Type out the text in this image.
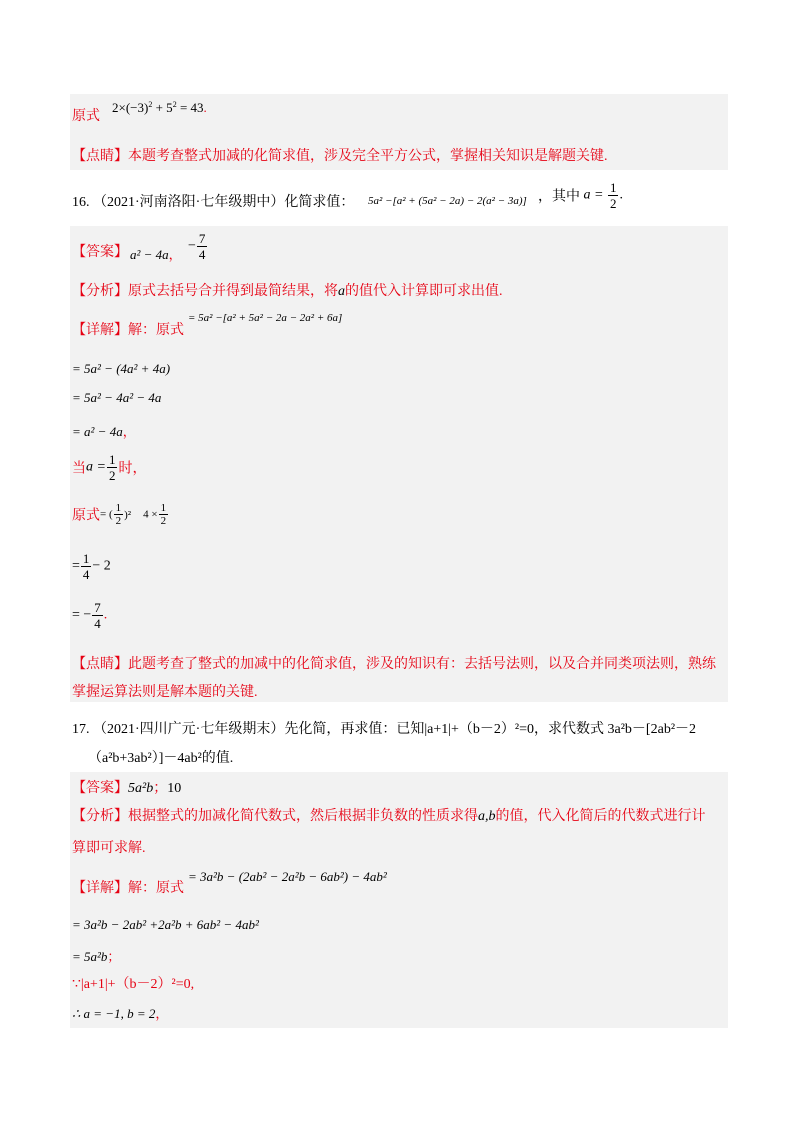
原式
$2\times(-3)^2 + 5^2 = 43$.
【点睛】本题考查整式加减的化简求值，涉及完全平方公式，掌握相关知识是解题关键.
16. （2021·河南洛阳·七年级期中）化简求值： 5a² −[a² + (5a² − 2a) − 2(a² − 3a)] ，其中 $a = \frac{1}{2}$ .
【答案】 a² − 4a，
− $\frac{7}{4}$
【分析】原式去括号合并得到最简结果，将a的值代入计算即可求出值.
【详解】解：原式
= 5a² −[a² + 5a² − 2a − 2a² + 6a]
= 5a² − (4a² + 4a)
= 5a² − 4a² − 4a
= a² − 4a，
当$a = \frac{1}{2}$ 时，
原式= ( $\frac{1}{2} )^2$ $4 \times \frac{1}{2}$
= $\frac{1}{4} - 2$
= − $\frac{7}{4}$ .
【点睛】此题考查了整式的加减中的化简求值，涉及的知识有：去括号法则，以及合并同类项法则，熟练
掌握运算法则是解本题的关键.
17. （2021·四川广元·七年级期末）先化简，再求值：已知|a+1|+（b－2）²=0，求代数式 3a²b－[2ab²－2
（a²b+3ab²）]－4ab²的值.
【答案】5a²b；10
【分析】根据整式的加减化简代数式，然后根据非负数的性质求得a,b的值，代入化简后的代数式进行计
算即可求解.
【详解】解：原式
= 3a²b − (2ab² − 2a²b − 6ab²) − 4ab²
= 3a²b − 2ab² +2a²b + 6ab² − 4ab²
= 5a²b；
∵|a+1|+（b－2）²=0,
∴ a = −1, b = 2，
